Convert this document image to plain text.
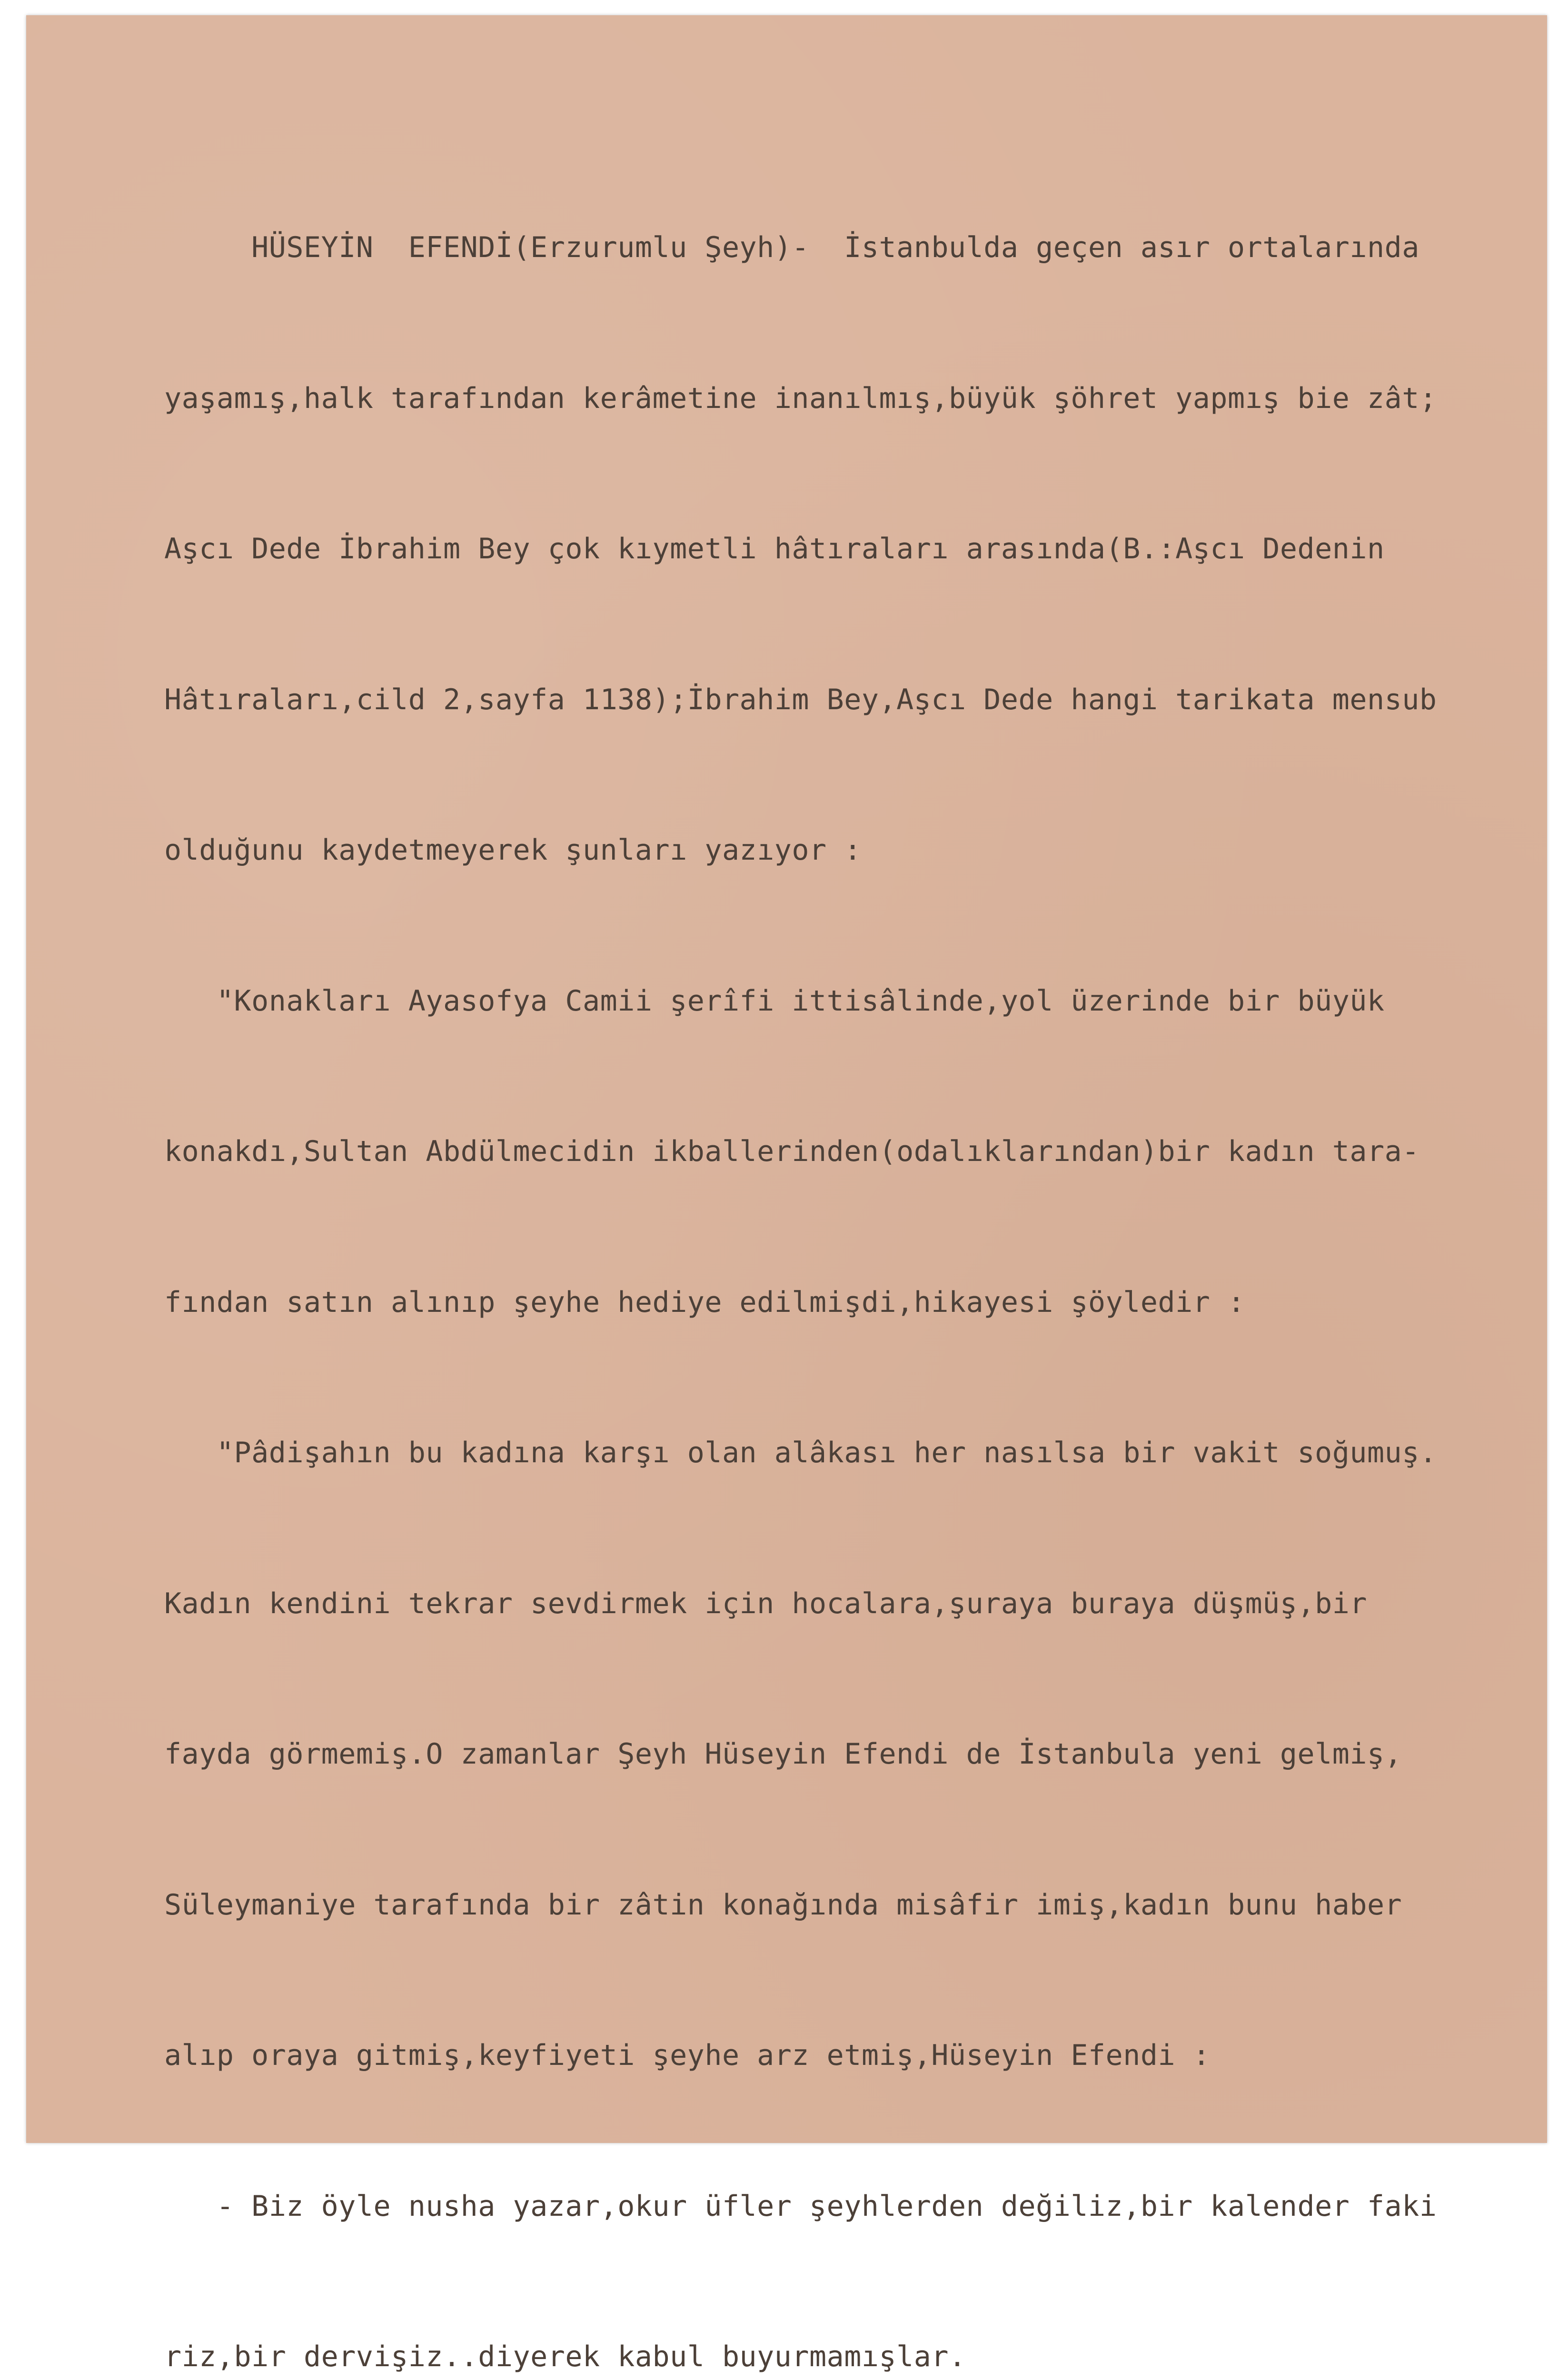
HÜSEYİN  EFENDİ(Erzurumlu Şeyh)-  İstanbulda geçen asır ortalarında

yaşamış,halk tarafından kerâmetine inanılmış,büyük şöhret yapmış bie zât;

Aşcı Dede İbrahim Bey çok kıymetli hâtıraları arasında(B.:Aşcı Dedenin

Hâtıraları,cild 2,sayfa 1138);İbrahim Bey,Aşcı Dede hangi tarikata mensub

olduğunu kaydetmeyerek şunları yazıyor :

"Konakları Ayasofya Camii şerîfi ittisâlinde,yol üzerinde bir büyük

konakdı,Sultan Abdülmecidin ikballerinden(odalıklarından)bir kadın tara-

fından satın alınıp şeyhe hediye edilmişdi,hikayesi şöyledir :

"Pâdişahın bu kadına karşı olan alâkası her nasılsa bir vakit soğumuş.

Kadın kendini tekrar sevdirmek için hocalara,şuraya buraya düşmüş,bir

fayda görmemiş.O zamanlar Şeyh Hüseyin Efendi de İstanbula yeni gelmiş,

Süleymaniye tarafında bir zâtin konağında misâfir imiş,kadın bunu haber

alıp oraya gitmiş,keyfiyeti şeyhe arz etmiş,Hüseyin Efendi :

- Biz öyle nusha yazar,okur üfler şeyhlerden değiliz,bir kalender faki

riz,bir dervişiz..diyerek kabul buyurmamışlar.
